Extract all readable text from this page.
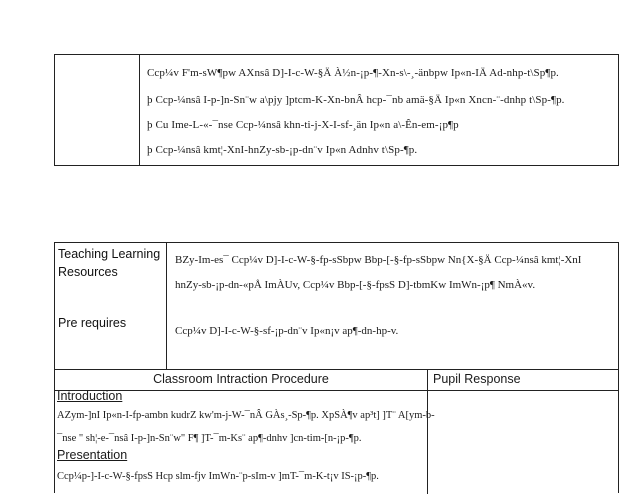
Ccp¼v F'm-sW¶pw AXnsâ D]-I-c-W-§Ä À½n-¡p-¶-Xn-s\-¸-änbpw Ip«n-IÄ Ad-nhp-t\Sp¶p.
þ Ccp-¼nsâ I-p-]n-Sn¨w a\pjy ]ptcm-K-Xn-bnÂ hcp-¯nb amä-§Ä Ip«n Xncn-¨-dnhp t\Sp-¶p.
þ Cu Ime-L-«-¯nse Ccp-¼nsâ khn-ti-j-X-I-sf-¸än Ip«n a\-Ên-em-¡p¶p
þ Ccp-¼nsâ kmt¦-XnI-hnZy-sb-¡p-dn¨v Ip«n Adnhv t\Sp-¶p.
Teaching Learning Resources
Pre requires
BZy-Im-es¯ Ccp¼v D]-I-c-W-§-fp-sSbpw Bbp-[-§-fp-sSbpw Nn{X-§Ä Ccp-¼nsâ kmt¦-XnI
hnZy-sb-¡p-dn-«pÅ ImÀUv, Ccp¼v Bbp-[-§-fpsS D]-tbmKw ImWn-¡p¶ NmÀ«v.
Ccp¼v D]-I-c-W-§-sf-¡p-dn¨v Ip«n¡v ap¶-dn-hp-v.
Classroom Intraction Procedure	Pupil Response
Introduction
AZym-]nI Ip«n-I-fp-ambn kudrZ kw'm-j-W-¯nÂ GÀs¸-Sp-¶p. XpSÀ¶v ap³t] ]T¨ A[ym-b-
¯nse " sh¦-e-¯nsâ I-p-]n-Sn¨w" F¶ ]T-¯m-Ks¨ ap¶-dnhv ]cn-tim-[n-¡p-¶p.
Presentation
Ccp¼p-]-I-c-W-§-fpsS Hcp slm-fjv ImWn-¨p-sIm-v ]mT-¯m-K-t¡v IS-¡p-¶p.
